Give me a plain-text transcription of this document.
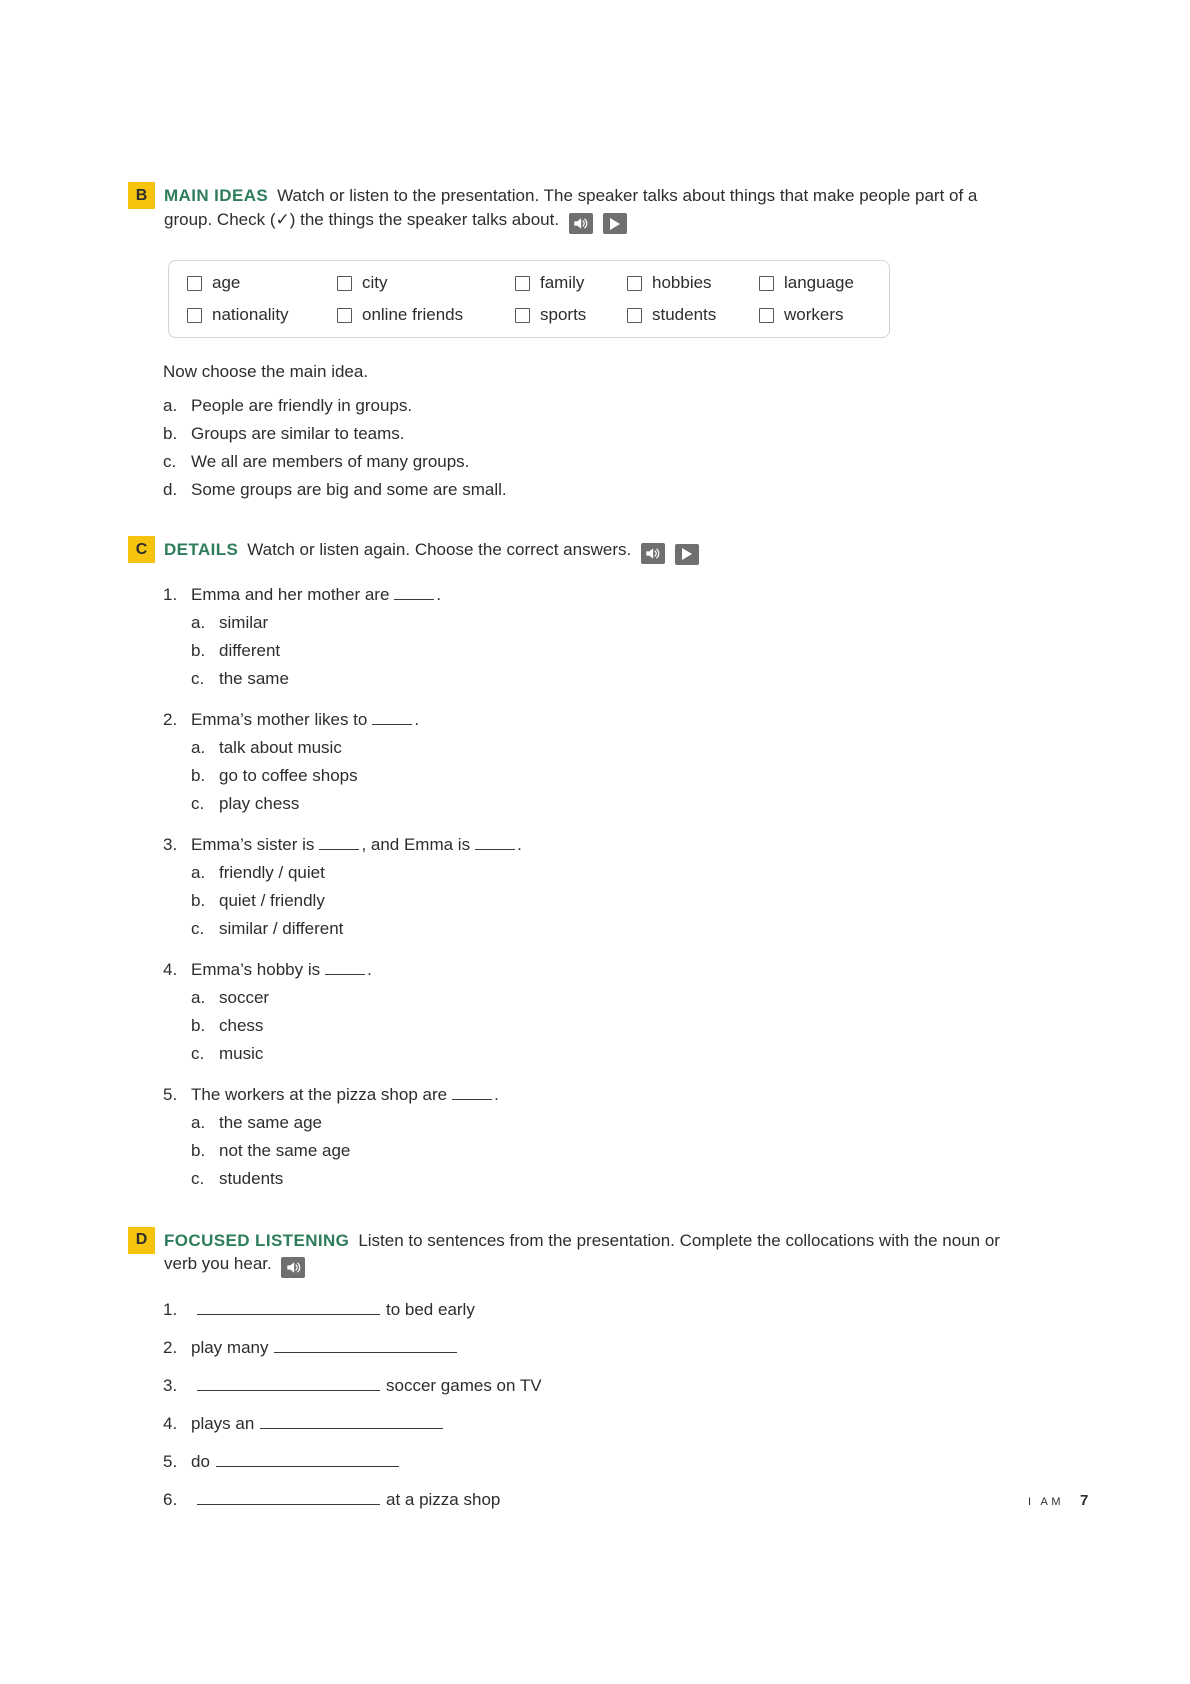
B MAIN IDEAS Watch or listen to the presentation. The speaker talks about things that make people part of a group. Check (✓) the things the speaker talks about.

age	city	family	hobbies	language
nationality	online friends	sports	students	workers
Now choose the main idea.
a. People are friendly in groups.
b. Groups are similar to teams.
c. We all are members of many groups.
d. Some groups are big and some are small.
C DETAILS Watch or listen again. Choose the correct answers.

1. Emma and her mother are	.
a. similar
b. different
c. the same
2. Emma’s mother likes to	.
a. talk about music
b. go to coffee shops
c. play chess
3. Emma’s sister is	, and Emma is	.
a. friendly / quiet
b. quiet / friendly
c. similar / different
4. Emma’s hobby is	.
a. soccer
b. chess
c. music
5. The workers at the pizza shop are	.
a. the same age
b. not the same age
c. students
D FOCUSED LISTENING Listen to sentences from the presentation. Complete the collocations with the noun or verb you hear.
1.	to bed early
2. play many
3.	soccer games on TV
4. plays an
5. do
6.	at a pizza shop	I AM 7
